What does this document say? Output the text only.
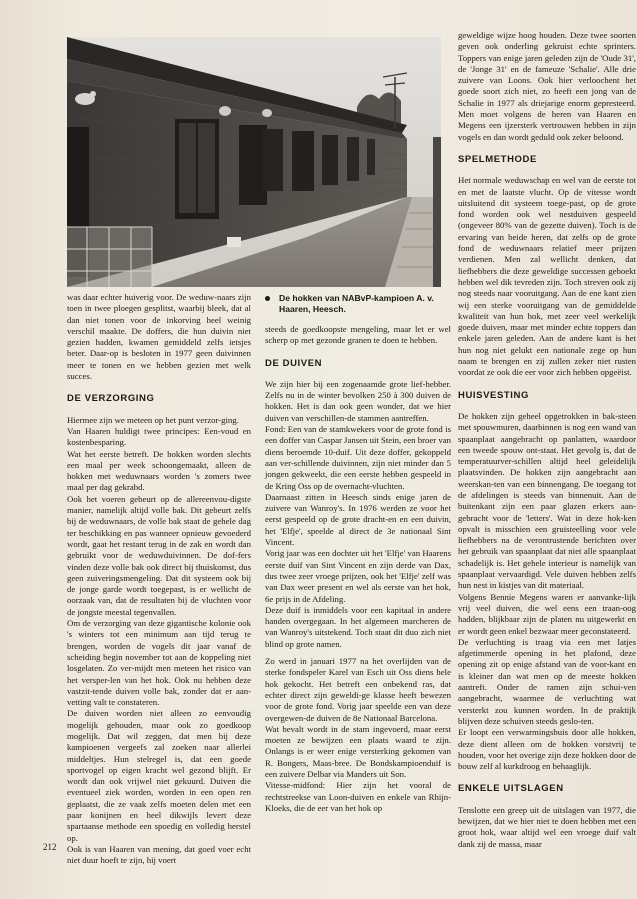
was daar echter huiverig voor. De weduw-naars zijn toen in twee ploegen gesplitst, waarbij bleek, dat al dan niet tonen voor de inkorving heel weinig verschil maakte. De doffers, die hun duivin niet gezien hadden, kwamen gemiddeld zelfs ietsjes beter. Daar-op is besloten in 1977 geen duivinnen meer te tonen en we hebben gezien met welk succes.

DE VERZORGING

Hiermee zijn we meteen op het punt verzor-ging.

Van Haaren huldigt twee principes: Een-voud en kostenbesparing.

Wat het eerste betreft. De hokken worden slechts een maal per week schoongemaakt, alleen de hokken met weduwnaars worden 's zomers twee maal per dag gekrabd.

Ook het voeren gebeurt op de allereenvou-digste manier, namelijk altijd volle bak. Dit gebeurt zelfs bij de weduwnaars, de volle bak staat de gehele dag ter beschikking en pas wanneer opnieuw gevoederd wordt, gaat het restant terug in de zak en wordt dan gebruikt voor de weduwduivinnen. De dof-fers vinden deze volle bak ook direct bij thuiskomst, dus geen zuiveringsmengeling. Dat dit systeem ook bij de jonge garde wordt toegepast, is er wellicht de oorzaak van, dat de resultaten bij de vluchten voor de jongste meestal tegenvallen.

Om de verzorging van deze gigantische kolonie ook 's winters tot een minimum aan tijd terug te brengen, worden de vogels dit jaar vanaf de scheiding begin november tot aan de koppeling niet losgelaten. Zo ver-mijdt men meteen het risico van het versper-len van het hok. Ook nu hebben deze vastzit-tende duiven volle bak, zonder dat er aan-vetting valt te constateren.

De duiven worden niet alleen zo eenvoudig mogelijk gehouden, maar ook zo goedkoop mogelijk. Dat wil zeggen, dat men bij deze kampioenen vergeefs zal zoeken naar allerlei middeltjes. Hun stelregel is, dat een goede sportvogel op eigen kracht wel gezond blijft. Er wordt dan ook vrijwel niet gekuurd. Duiven die eventueel ziek worden, worden in een open ren geplaatst, die ze vaak zelfs moeten delen met een paar konijnen en heel dikwijls levert deze spartaanse methode een spoedig en volledig herstel op.

Ook is van Haaren van mening, dat goed voer echt niet duur hoeft te zijn, hij voert

De hokken van NABvP-kampioen A. v. Haaren, Heesch.

steeds de goedkoopste mengeling, maar let er wel scherp op met gezonde granen te doen te hebben.

DE DUIVEN

We zijn hier bij een zogenaamde grote lief-hebber. Zelfs nu in de winter bevolken 250 à 300 duiven de hokken. Het is dan ook geen wonder, dat we hier duiven van verschillen-de stammen aantreffen.

Fond: Een van de stamkwekers voor de grote fond is een doffer van Caspar Jansen uit Stein, een broer van diens beroemde 10-duif. Uit deze doffer, gekoppeld aan ver-schillende duivinnen, zijn niet minder dan 5 jongen gekweekt, die een eerste hebben gespeeld in de Kring Oss op de overnacht-vluchten.

Daarnaast zitten in Heesch sinds enige jaren de zuivere van Wanroy's. In 1976 werden ze voor het eerst gespeeld op de grote dracht-en en een duivin, het 'Elfje', speelde al direct de 3e nationaal Sint Vincent.

Vorig jaar was een dochter uit het 'Elfje' van Haarens eerste duif van Sint Vincent en zijn derde van Dax, dus twee zeer vroege prijzen, ook het 'Elfje' zelf was van Dax weer present en wel als eerste van het hok, 6e prijs in de Afdeling.

Deze duif is inmiddels voor een kapitaal in andere handen overgegaan. In het algemeen marcheren de van Wanroy's uitstekend. Toch staat dit duo zich niet blind op grote namen.

Zo werd in januari 1977 na het overlijden van de sterke fondspeler Karel van Esch uit Oss diens hele hok gekocht. Het betreft een onbekend ras, dat echter direct zijn geweldi-ge klasse heeft bewezen voor de grote fond. Vorig jaar speelde een van deze overgewen-de duiven de 8e Nationaal Barcelona.

Wat bevalt wordt in de stam ingevoerd, maar eerst moeten ze bewijzen een plaats waard te zijn. Onlangs is er weer enige versterking gekomen van R. Bongers, Maas-bree. De Bondskampioenduif is een zuivere Delbar via Manders uit Son.

Vitesse-midfond: Hier zijn het vooral de rechtstreekse van Loon-duiven en enkele van Rhijn-Kloeks, die de eer van het hok op

geweldige wijze hoog houden. Deze twee soorten geven ook onderling gekruist echte sprinters. Toppers van enige jaren geleden zijn de 'Oude 31', de 'Jonge 31' en de fameuze 'Schalie'. Alle drie zuivere van Loons. Ook hier verloochent het goede soort zich niet, zo heeft een jong van de Schalie in 1977 als driejarige enorm gepresteerd. Men moet volgens de heren van Haaren en Megens een ijzersterk vertrouwen hebben in zijn vogels en dan wordt geduld ook zeker beloond.

SPELMETHODE

Het normale weduwschap en wel van de eerste tot en met de laatste vlucht. Op de vitesse wordt uitsluitend dit systeem toege-past, op de grote fond worden ook wel nestduiven gespeeld (ongeveer 80% van de gezette duiven). Toch is de ervaring van beide heren, dat zelfs op de grote fond de weduwnaars relatief meer prijzen verdienen. Men zal wellicht denken, dat liefhebbers die deze geweldige successen geboekt hebben wel dik tevreden zijn. Toch streven ook zij nog steeds naar vooruitgang. Aan de ene kant zien wij een sterke vooruitgang van de gemiddelde kwaliteit van hun hok, met zeer veel werkelijk goede duiven, maar met minder echte toppers dan enkele jaren geleden. Aan de andere kant is het hun nog niet gelukt een nationale zege op hun naam te brengen en zij zullen zeker niet rusten voordat ze ook die eer voor zich hebben opgeëist.

HUISVESTING

De hokken zijn geheel opgetrokken in bak-steen met spouwmuren, daarbinnen is nog een wand van spaanplaat aangebracht op panlatten, waardoor een tweede spouw ont-staat. Het gevolg is, dat de temperatuurver-schillen altijd heel geleidelijk plaatsvinden. De hokken zijn aangebracht aan weerskan-ten van een binnengang. De toegang tot de afdelingen is steeds van binnenuit. Aan de buitenkant zijn een paar glazen erkers aan-gebracht voor de 'letters'. Wat in deze hok-ken opvalt is misschien een gruisteelling voor vele liefhebbers na de verontrustende berichten over het gebruik van spaanplaat dat niet alle spaanplaat schadelijk is. Het gehele interieur is namelijk van spaanplaat vervaardigd. Vele duiven hebben zelfs hun nest in kistjes van dit materiaal.

Volgens Bennie Megens waren er aanvanke-lijk vrij veel duiven, die wel eens een traan-oog hadden, blijkbaar zijn de platen nu uitgewerkt en er wordt geen enkel bezwaar meer geconstateerd.

De verluchting is traag via een met latjes afgetimmerde opening in het plafond, deze opening zit op enige afstand van de voor-kant en is kleiner dan wat men op de meeste hokken aantreft. Onder de ramen zijn schui-ven aangebracht, waarmee de verluchting wat versterkt zou kunnen worden. In de praktijk blijven deze schuiven steeds geslo-ten.

Er loopt een verwarmingsbuis door alle hokken, deze dient alleen om de hokken vorstvrij te houden, voor het overige zijn deze hokken door de bouw zelf al kurkdroog en behaaglijk.

ENKELE UITSLAGEN

Tenslotte een greep uit de uitslagen van 1977, die bewijzen, dat we hier niet te doen hebben met een groot hok, waar altijd wel een vroege duif valt dank zij de massa, maar

212
